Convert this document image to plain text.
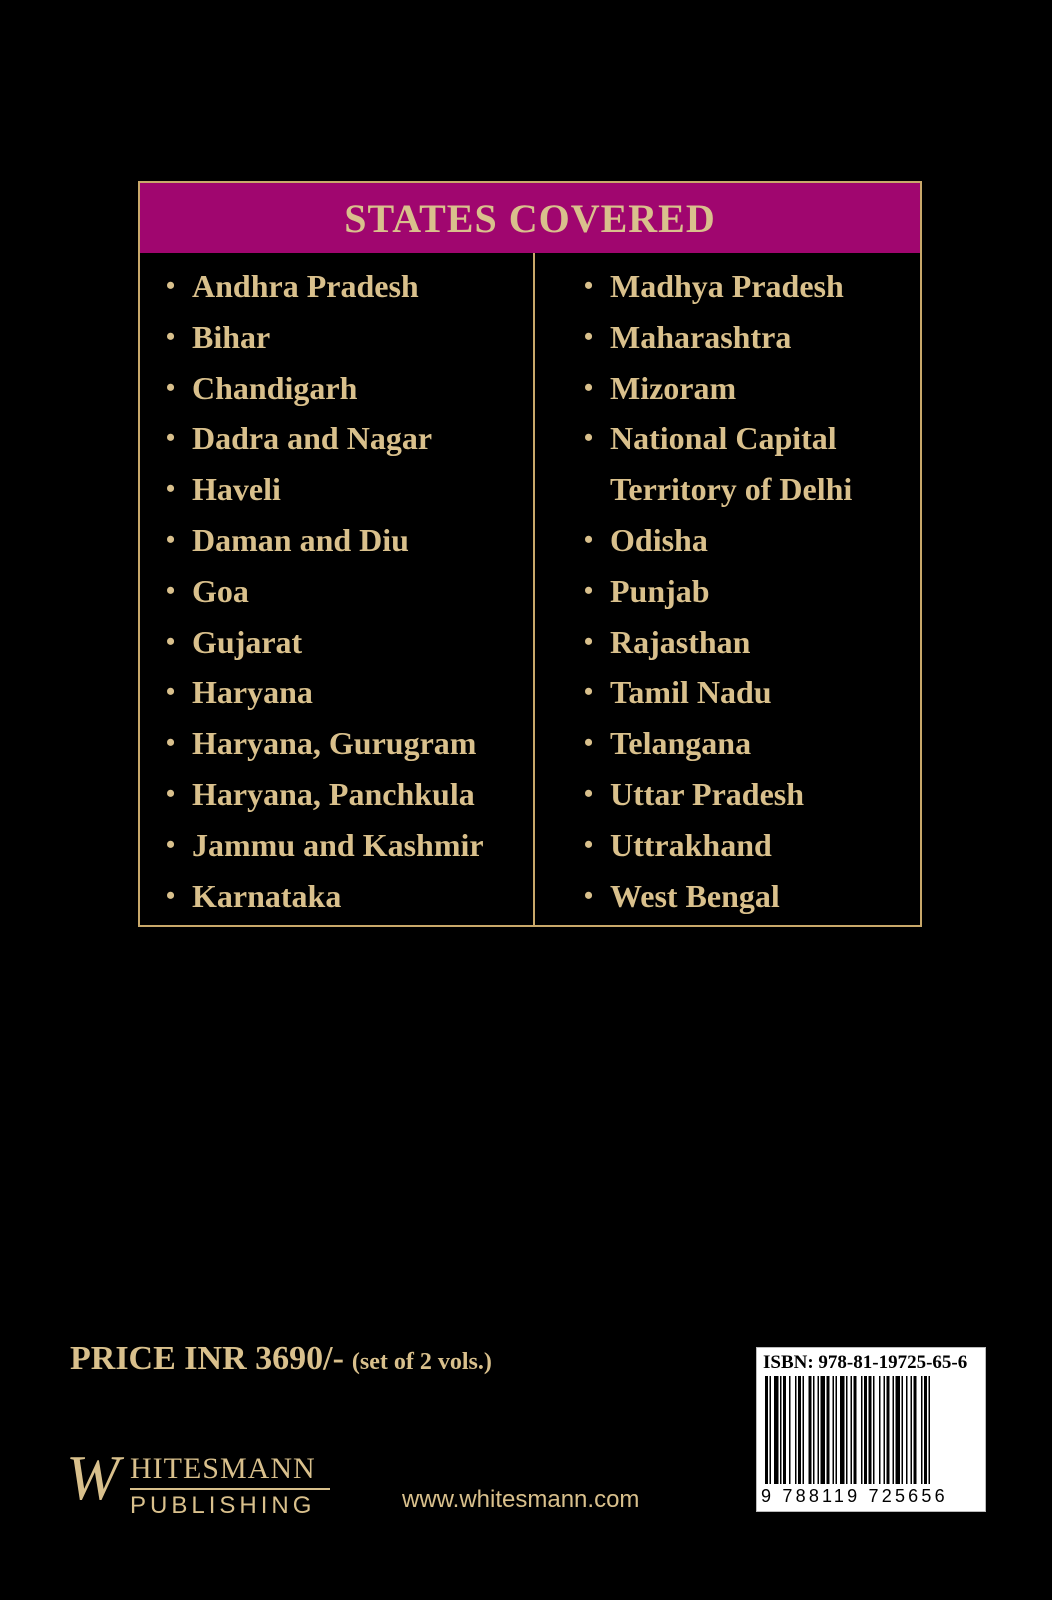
STATES COVERED
• Andhra Pradesh
• Bihar
• Chandigarh
• Dadra and Nagar
• Haveli
• Daman and Diu
• Goa
• Gujarat
• Haryana
• Haryana, Gurugram
• Haryana, Panchkula
• Jammu and Kashmir
• Karnataka
• Madhya Pradesh
• Maharashtra
• Mizoram
• National Capital Territory of Delhi
• Odisha
• Punjab
• Rajasthan
• Tamil Nadu
• Telangana
• Uttar Pradesh
• Uttrakhand
• West Bengal
PRICE INR 3690/- (set of 2 vols.)
W HITESMANN
PUBLISHING	www.whitesmann.com
ISBN: 978-81-19725-65-6
9 788119 725656
